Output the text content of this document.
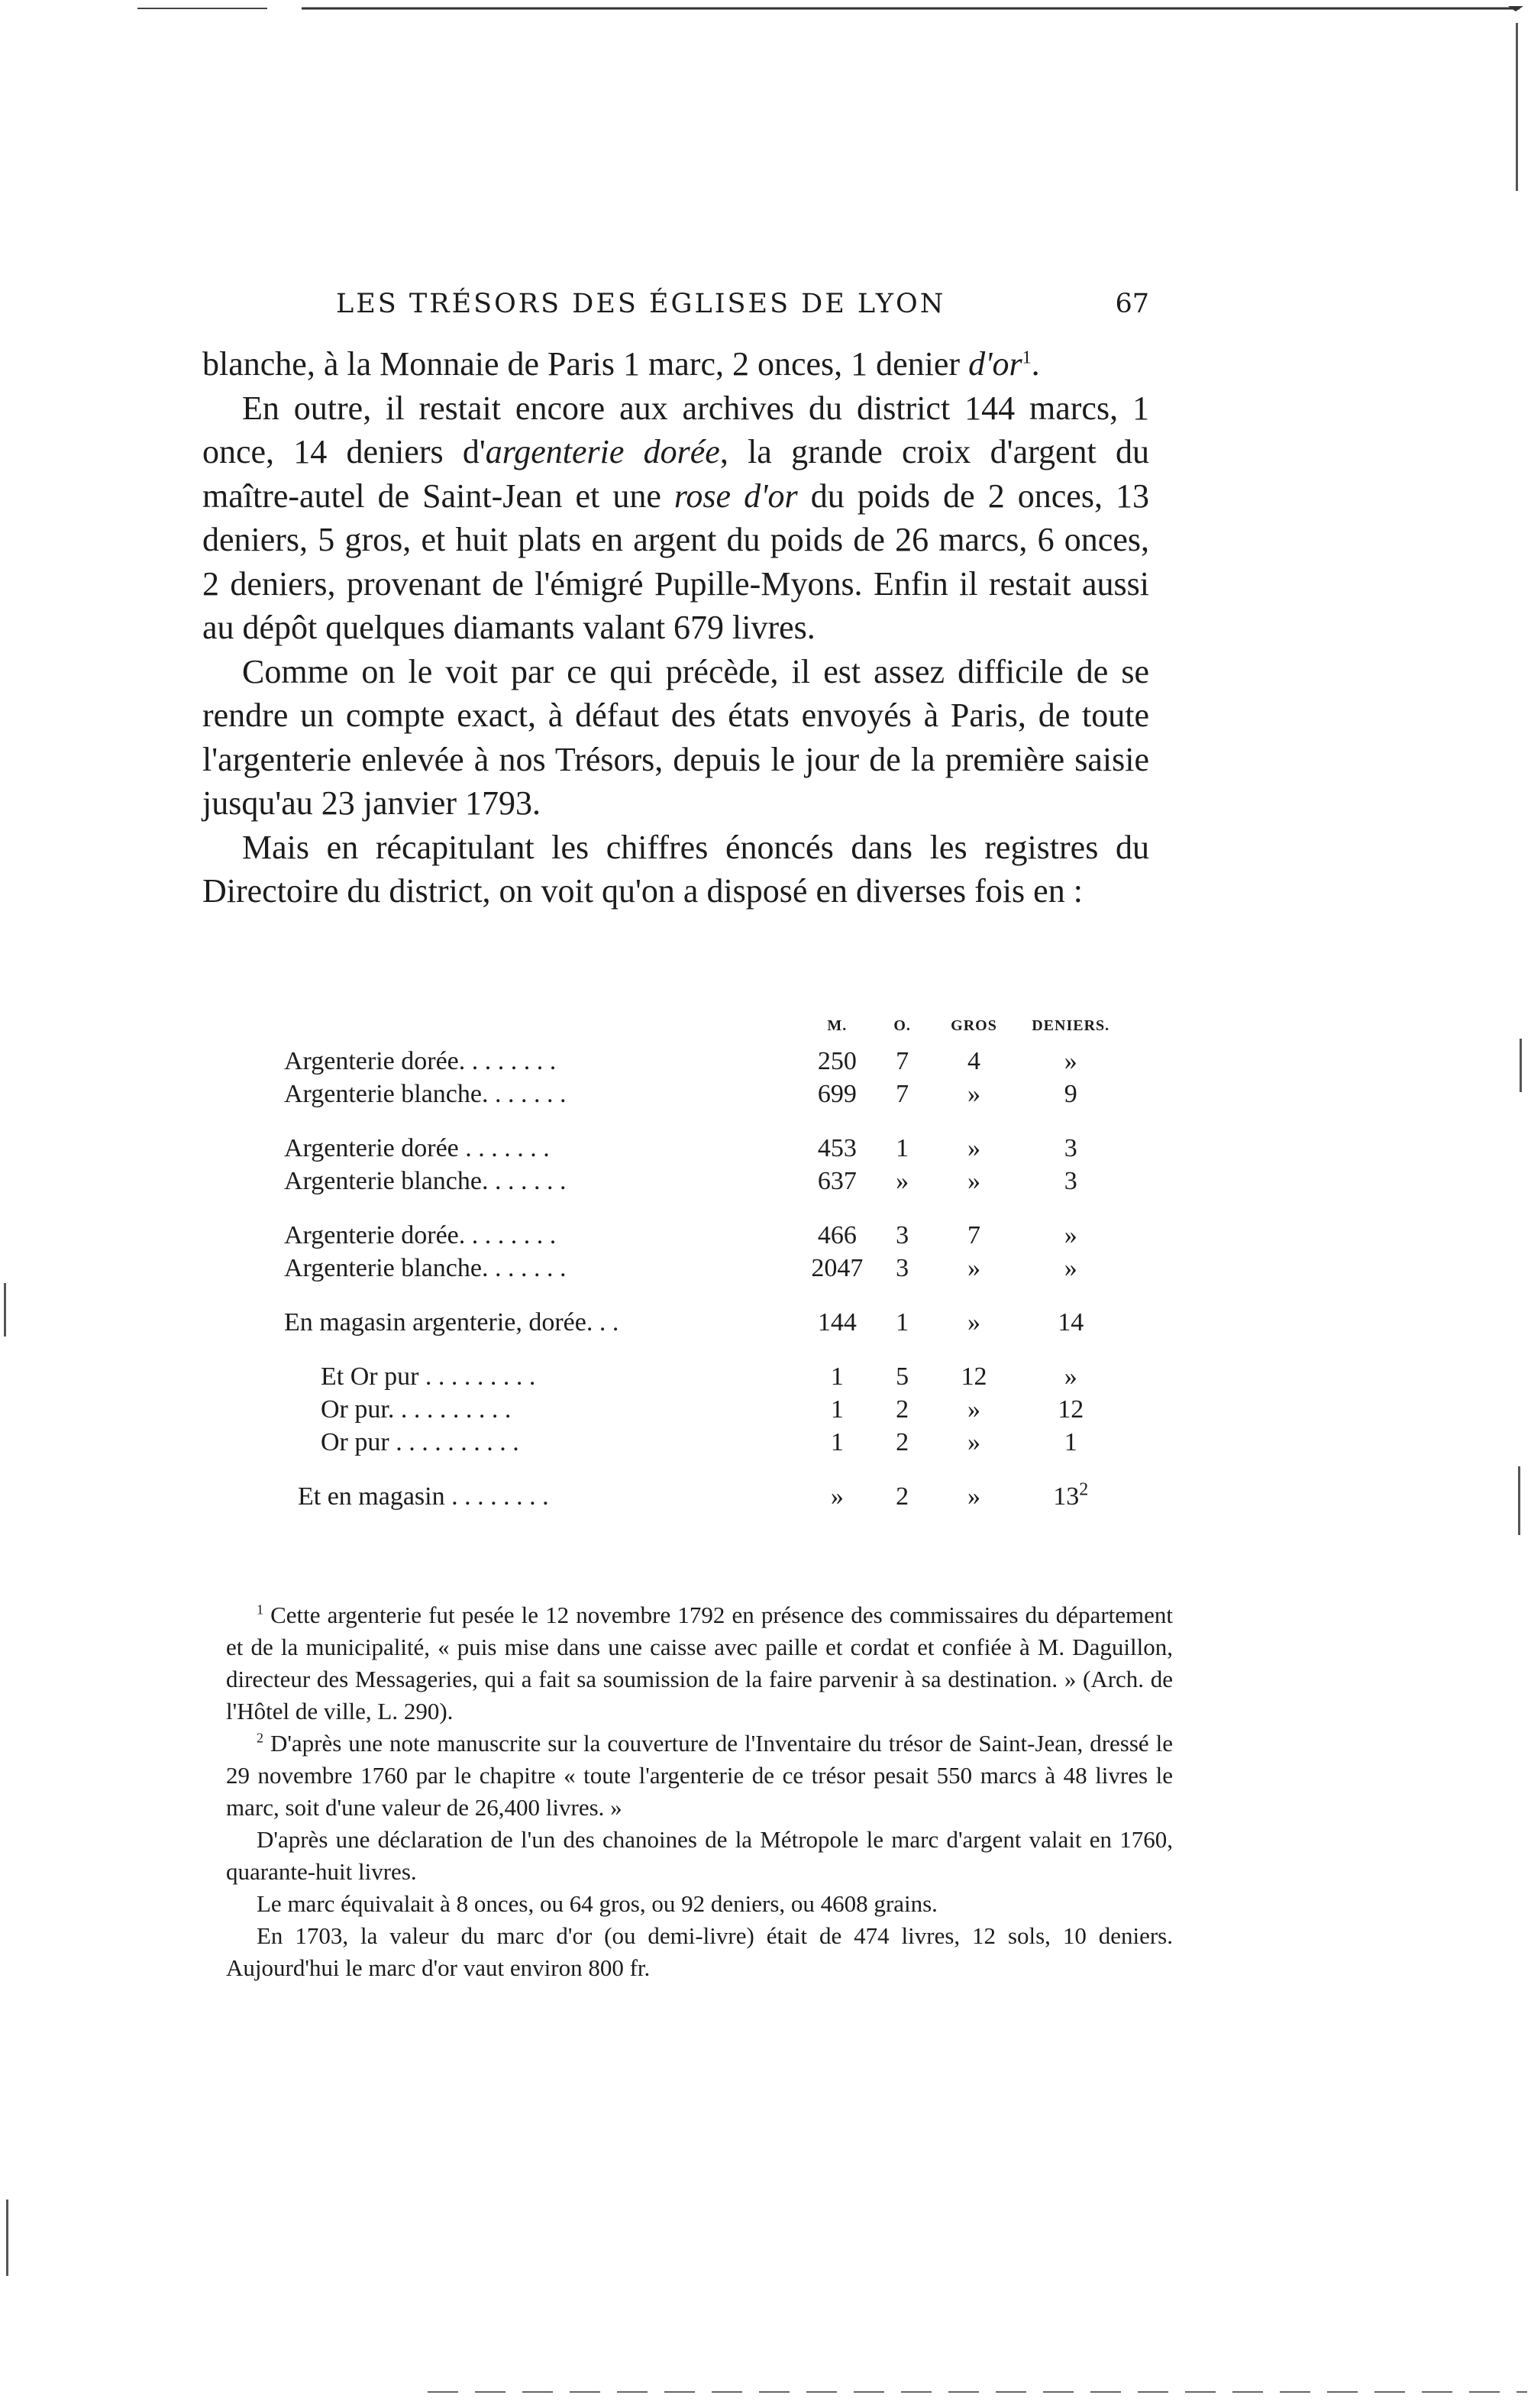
LES TRÉSORS DES ÉGLISES DE LYON	67

blanche, à la Monnaie de Paris 1 marc, 2 onces, 1 denier $d'or^1$.

En outre, il restait encore aux archives du district 144 marcs, 1 once, 14 deniers d'argenterie dorée, la grande croix d'argent du maître-autel de Saint-Jean et une rose d'or du poids de 2 onces, 13 deniers, 5 gros, et huit plats en argent du poids de 26 marcs, 6 onces, 2 deniers, provenant de l'émigré Pupille-Myons. Enfin il restait aussi au dépôt quelques diamants valant 679 livres.

Comme on le voit par ce qui précède, il est assez difficile de se rendre un compte exact, à défaut des états envoyés à Paris, de toute l'argenterie enlevée à nos Trésors, depuis le jour de la première saisie jusqu'au 23 janvier 1793.

Mais en récapitulant les chiffres énoncés dans les registres du Directoire du district, on voit qu'on a disposé en diverses fois en :

	M.	O.	GROS	DENIERS.
Argenterie dorée. . . . . . . .	250	7	4	»
Argenterie blanche. . . . . . .	699	7	»	9

Argenterie dorée . . . . . . .	453	1	»	3
Argenterie blanche. . . . . . .	637	»	»	3

Argenterie dorée. . . . . . . .	466	3	7	»
Argenterie blanche. . . . . . .	2047	3	»	»

En magasin argenterie, dorée. . .	144	1	»	14

Et Or pur . . . . . . . . .	1	5	12	»
Or pur. . . . . . . . . .	1	2	»	12
Or pur . . . . . . . . . .	1	2	»	1

Et en magasin . . . . . . . .	»	2	»	$13^2$

$^1$ Cette argenterie fut pesée le 12 novembre 1792 en présence des commissaires du département et de la municipalité, « puis mise dans une caisse avec paille et cordat et confiée à M. Daguillon, directeur des Messageries, qui a fait sa soumission de la faire parvenir à sa destination. » (Arch. de l'Hôtel de ville, L. 290).

$^2$ D'après une note manuscrite sur la couverture de l'Inventaire du trésor de Saint-Jean, dressé le 29 novembre 1760 par le chapitre « toute l'argenterie de ce trésor pesait 550 marcs à 48 livres le marc, soit d'une valeur de 26,400 livres. »

D'après une déclaration de l'un des chanoines de la Métropole le marc d'argent valait en 1760, quarante-huit livres.

Le marc équivalait à 8 onces, ou 64 gros, ou 92 deniers, ou 4608 grains.

En 1703, la valeur du marc d'or (ou demi-livre) était de 474 livres, 12 sols, 10 deniers. Aujourd'hui le marc d'or vaut environ 800 fr.
